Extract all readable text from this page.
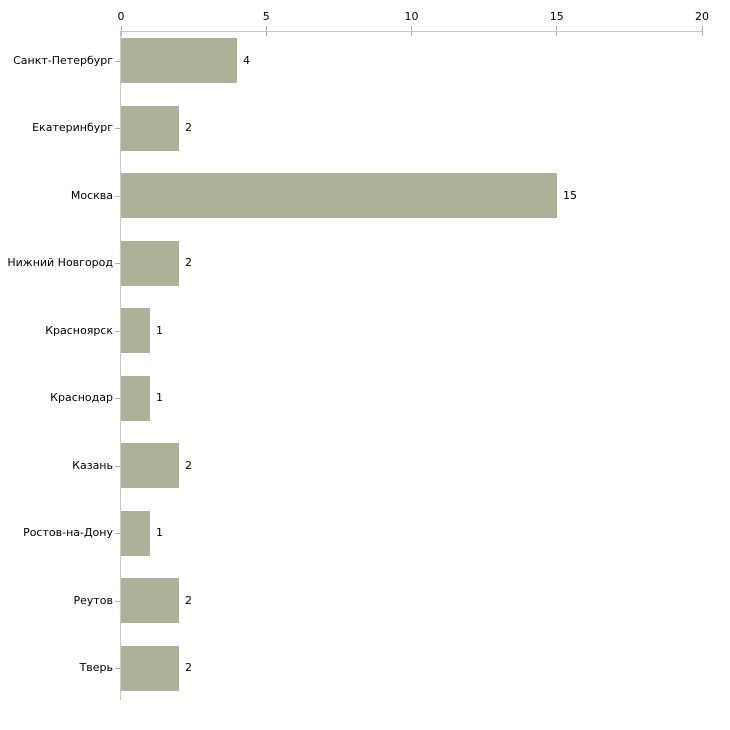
0	5	10	15	20
Санкт-Петербург	4
Екатеринбург	2
Москва	15
Нижний Новгород	2
Красноярск	1
Краснодар	1
Казань	2
Ростов-на-Дону	1
Реутов	2
Тверь	2
